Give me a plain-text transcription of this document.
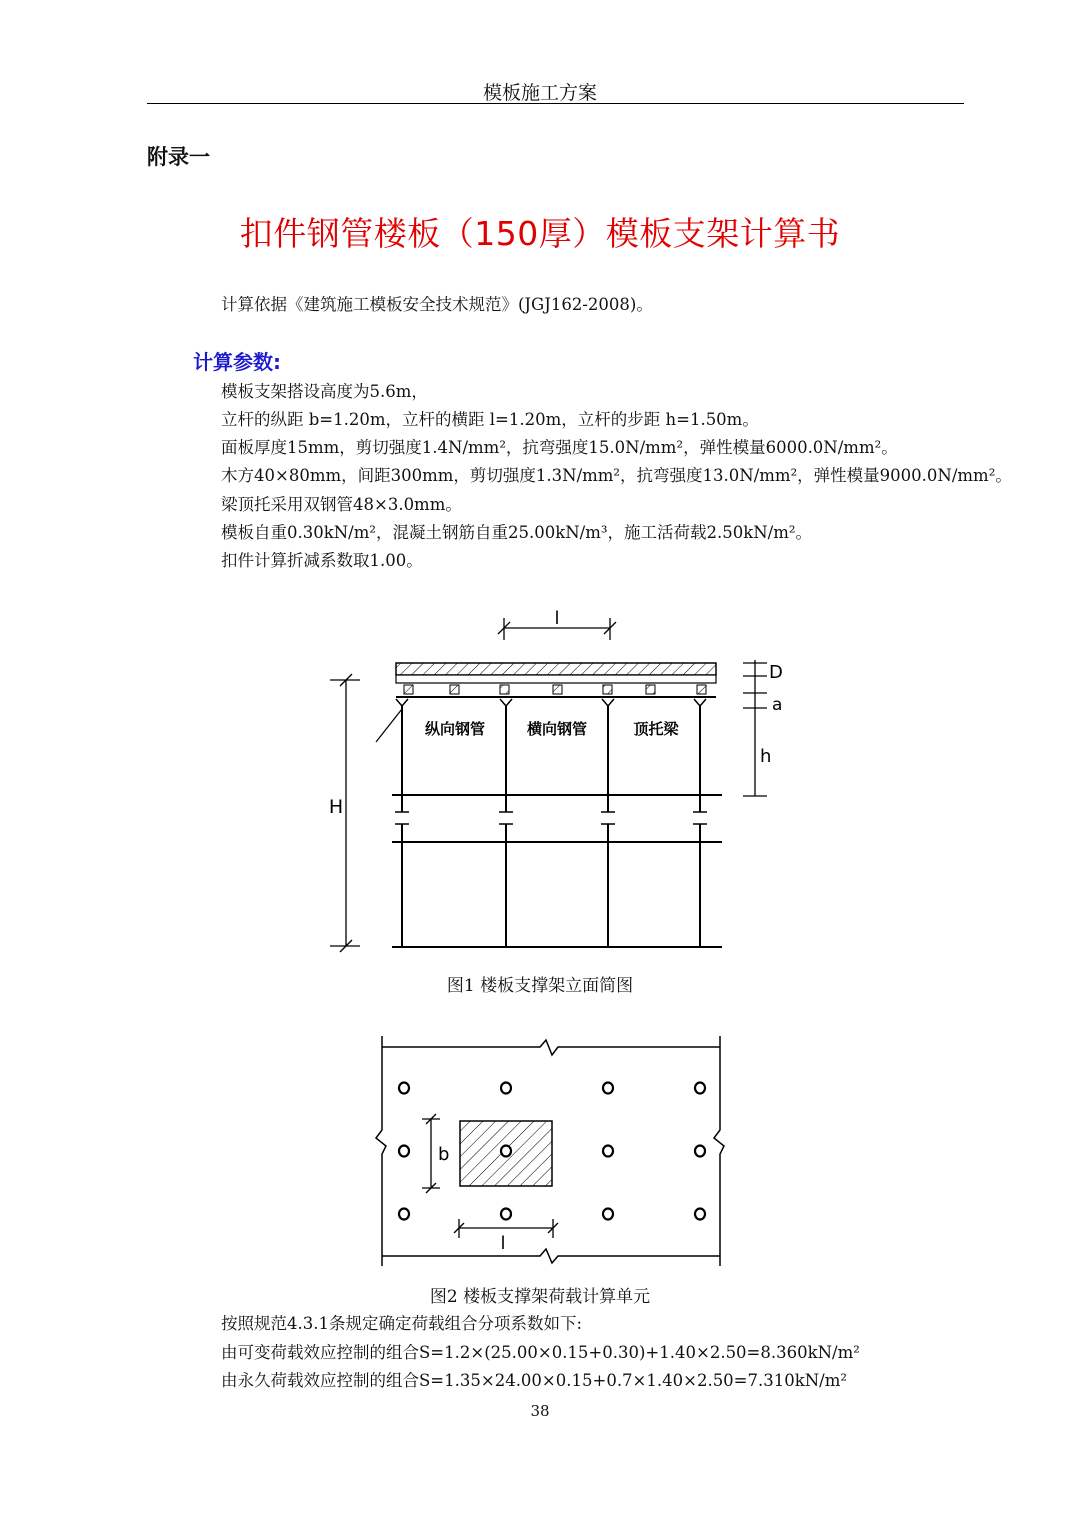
模板施工方案
附录一
扣件钢管楼板（150厚）模板支架计算书
计算依据《建筑施工模板安全技术规范》(JGJ162-2008)。
计算参数:
模板支架搭设高度为5.6m，
立杆的纵距 b=1.20m，立杆的横距 l=1.20m，立杆的步距 h=1.50m。
面板厚度15mm，剪切强度1.4N/mm²，抗弯强度15.0N/mm²，弹性模量6000.0N/mm²。
木方40×80mm，间距300mm，剪切强度1.3N/mm²，抗弯强度13.0N/mm²，弹性模量9000.0N/mm²。
梁顶托采用双钢管48×3.0mm。
模板自重0.30kN/m²，混凝土钢筋自重25.00kN/m³，施工活荷载2.50kN/m²。
扣件计算折减系数取1.00。
l
纵向钢管	横向钢管	顶托梁
H
D
a
h
图1 楼板支撑架立面简图
b
l
图2 楼板支撑架荷载计算单元
按照规范4.3.1条规定确定荷载组合分项系数如下:
由可变荷载效应控制的组合S=1.2×(25.00×0.15+0.30)+1.40×2.50=8.360kN/m²
由永久荷载效应控制的组合S=1.35×24.00×0.15+0.7×1.40×2.50=7.310kN/m²
38
